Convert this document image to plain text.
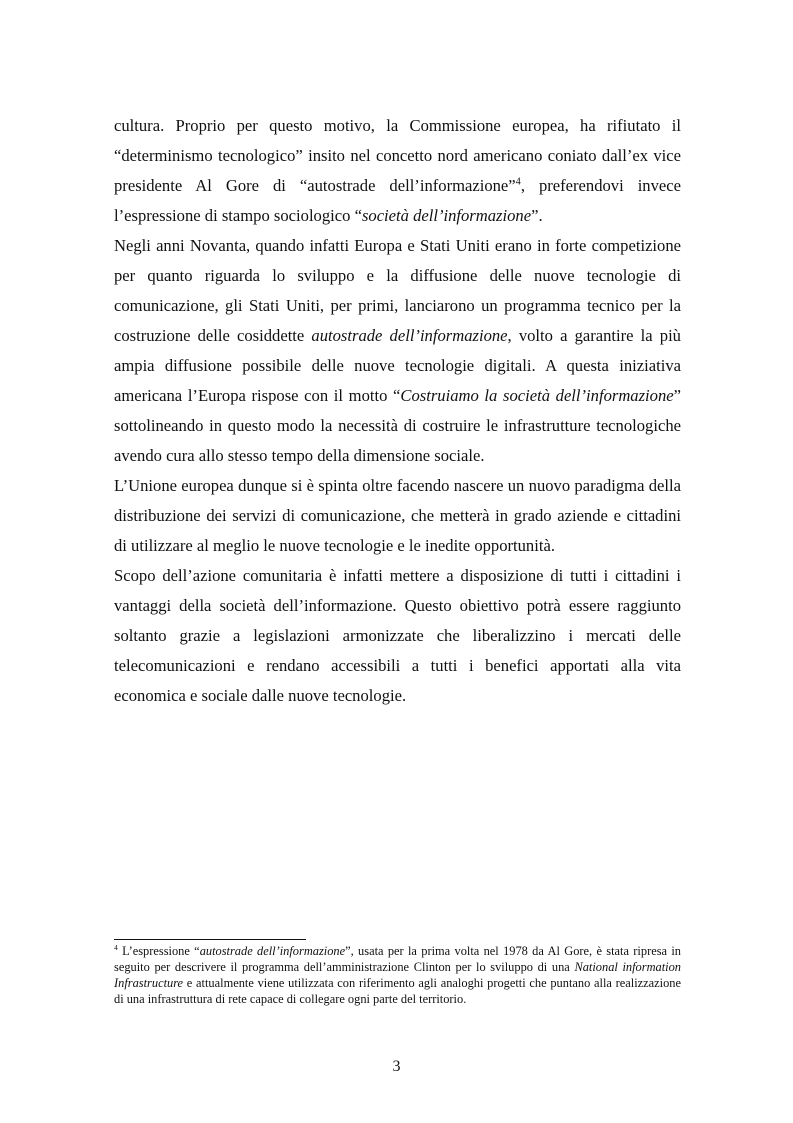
cultura. Proprio per questo motivo, la Commissione europea, ha rifiutato il “determinismo tecnologico” insito nel concetto nord americano coniato dall’ex vice presidente Al Gore di “autostrade dell’informazione”$^4$, preferendovi invece l’espressione di stampo sociologico “società dell’informazione”.

Negli anni Novanta, quando infatti Europa e Stati Uniti erano in forte competizione per quanto riguarda lo sviluppo e la diffusione delle nuove tecnologie di comunicazione, gli Stati Uniti, per primi, lanciarono un programma tecnico per la costruzione delle cosiddette autostrade dell’informazione, volto a garantire la più ampia diffusione possibile delle nuove tecnologie digitali. A questa iniziativa americana l’Europa rispose con il motto “Costruiamo la società dell’informazione” sottolineando in questo modo la necessità di costruire le infrastrutture tecnologiche avendo cura allo stesso tempo della dimensione sociale.

L’Unione europea dunque si è spinta oltre facendo nascere un nuovo paradigma della distribuzione dei servizi di comunicazione, che metterà in grado aziende e cittadini di utilizzare al meglio le nuove tecnologie e le inedite opportunità.

Scopo dell’azione comunitaria è infatti mettere a disposizione di tutti i cittadini i vantaggi della società dell’informazione. Questo obiettivo potrà essere raggiunto soltanto grazie a legislazioni armonizzate che liberalizzino i mercati delle telecomunicazioni e rendano accessibili a tutti i benefici apportati alla vita economica e sociale dalle nuove tecnologie.

$^4$ L’espressione “autostrade dell’informazione”, usata per la prima volta nel 1978 da Al Gore, è stata ripresa in seguito per descrivere il programma dell’amministrazione Clinton per lo sviluppo di una National information Infrastructure e attualmente viene utilizzata con riferimento agli analoghi progetti che puntano alla realizzazione di una infrastruttura di rete capace di collegare ogni parte del territorio.

3
